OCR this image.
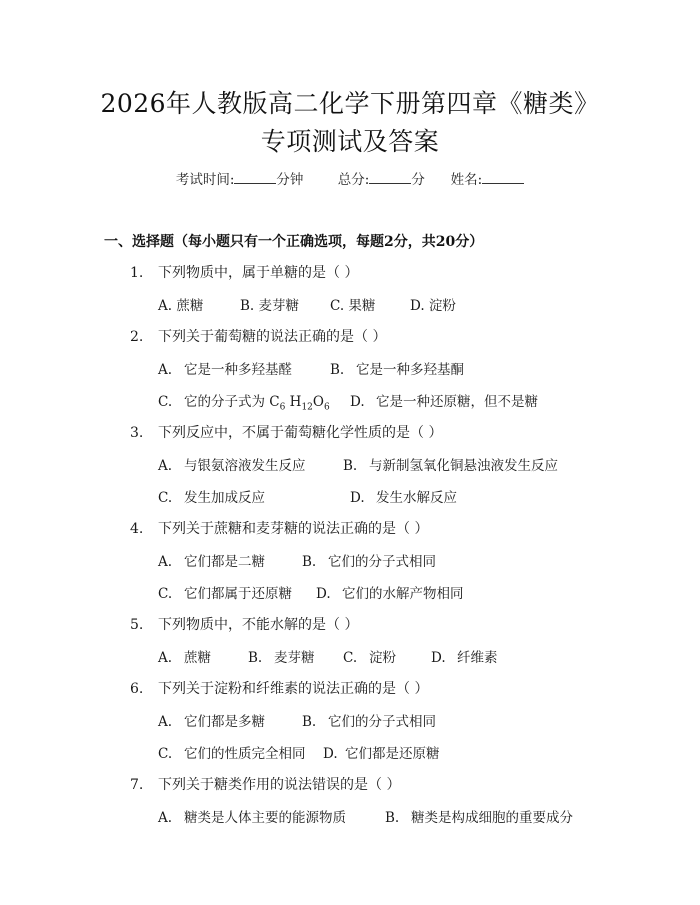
2026年人教版高二化学下册第四章《糖类》
专项测试及答案
考试时间:	分钟	总分:	分 姓名:
一、选择题（每小题只有一个正确选项，每题2分，共20分）
1. 下列物质中，属于单糖的是（ ）
A. 蔗糖	B. 麦芽糖 C. 果糖	D. 淀粉
2. 下列关于葡萄糖的说法正确的是（ ）
A. 它是一种多羟基醛	B. 它是一种多羟基酮
C. 它的分子式为 $C_6$ $H_{12}O_6$ D. 它是一种还原糖，但不是糖
3. 下列反应中，不属于葡萄糖化学性质的是（ ）
A. 与银氨溶液发生反应	B. 与新制氢氧化铜悬浊液发生反应
C. 发生加成反应	D. 发生水解反应
4. 下列关于蔗糖和麦芽糖的说法正确的是（ ）
A. 它们都是二糖	B. 它们的分子式相同
C. 它们都属于还原糖 D. 它们的水解产物相同
5. 下列物质中，不能水解的是（ ）
A. 蔗糖	B. 麦芽糖 C. 淀粉	D. 纤维素
6. 下列关于淀粉和纤维素的说法正确的是（ ）
A. 它们都是多糖	B. 它们的分子式相同
C. 它们的性质完全相同 D. 它们都是还原糖
7. 下列关于糖类作用的说法错误的是（ ）
A. 糖类是人体主要的能源物质	B. 糖类是构成细胞的重要成分
